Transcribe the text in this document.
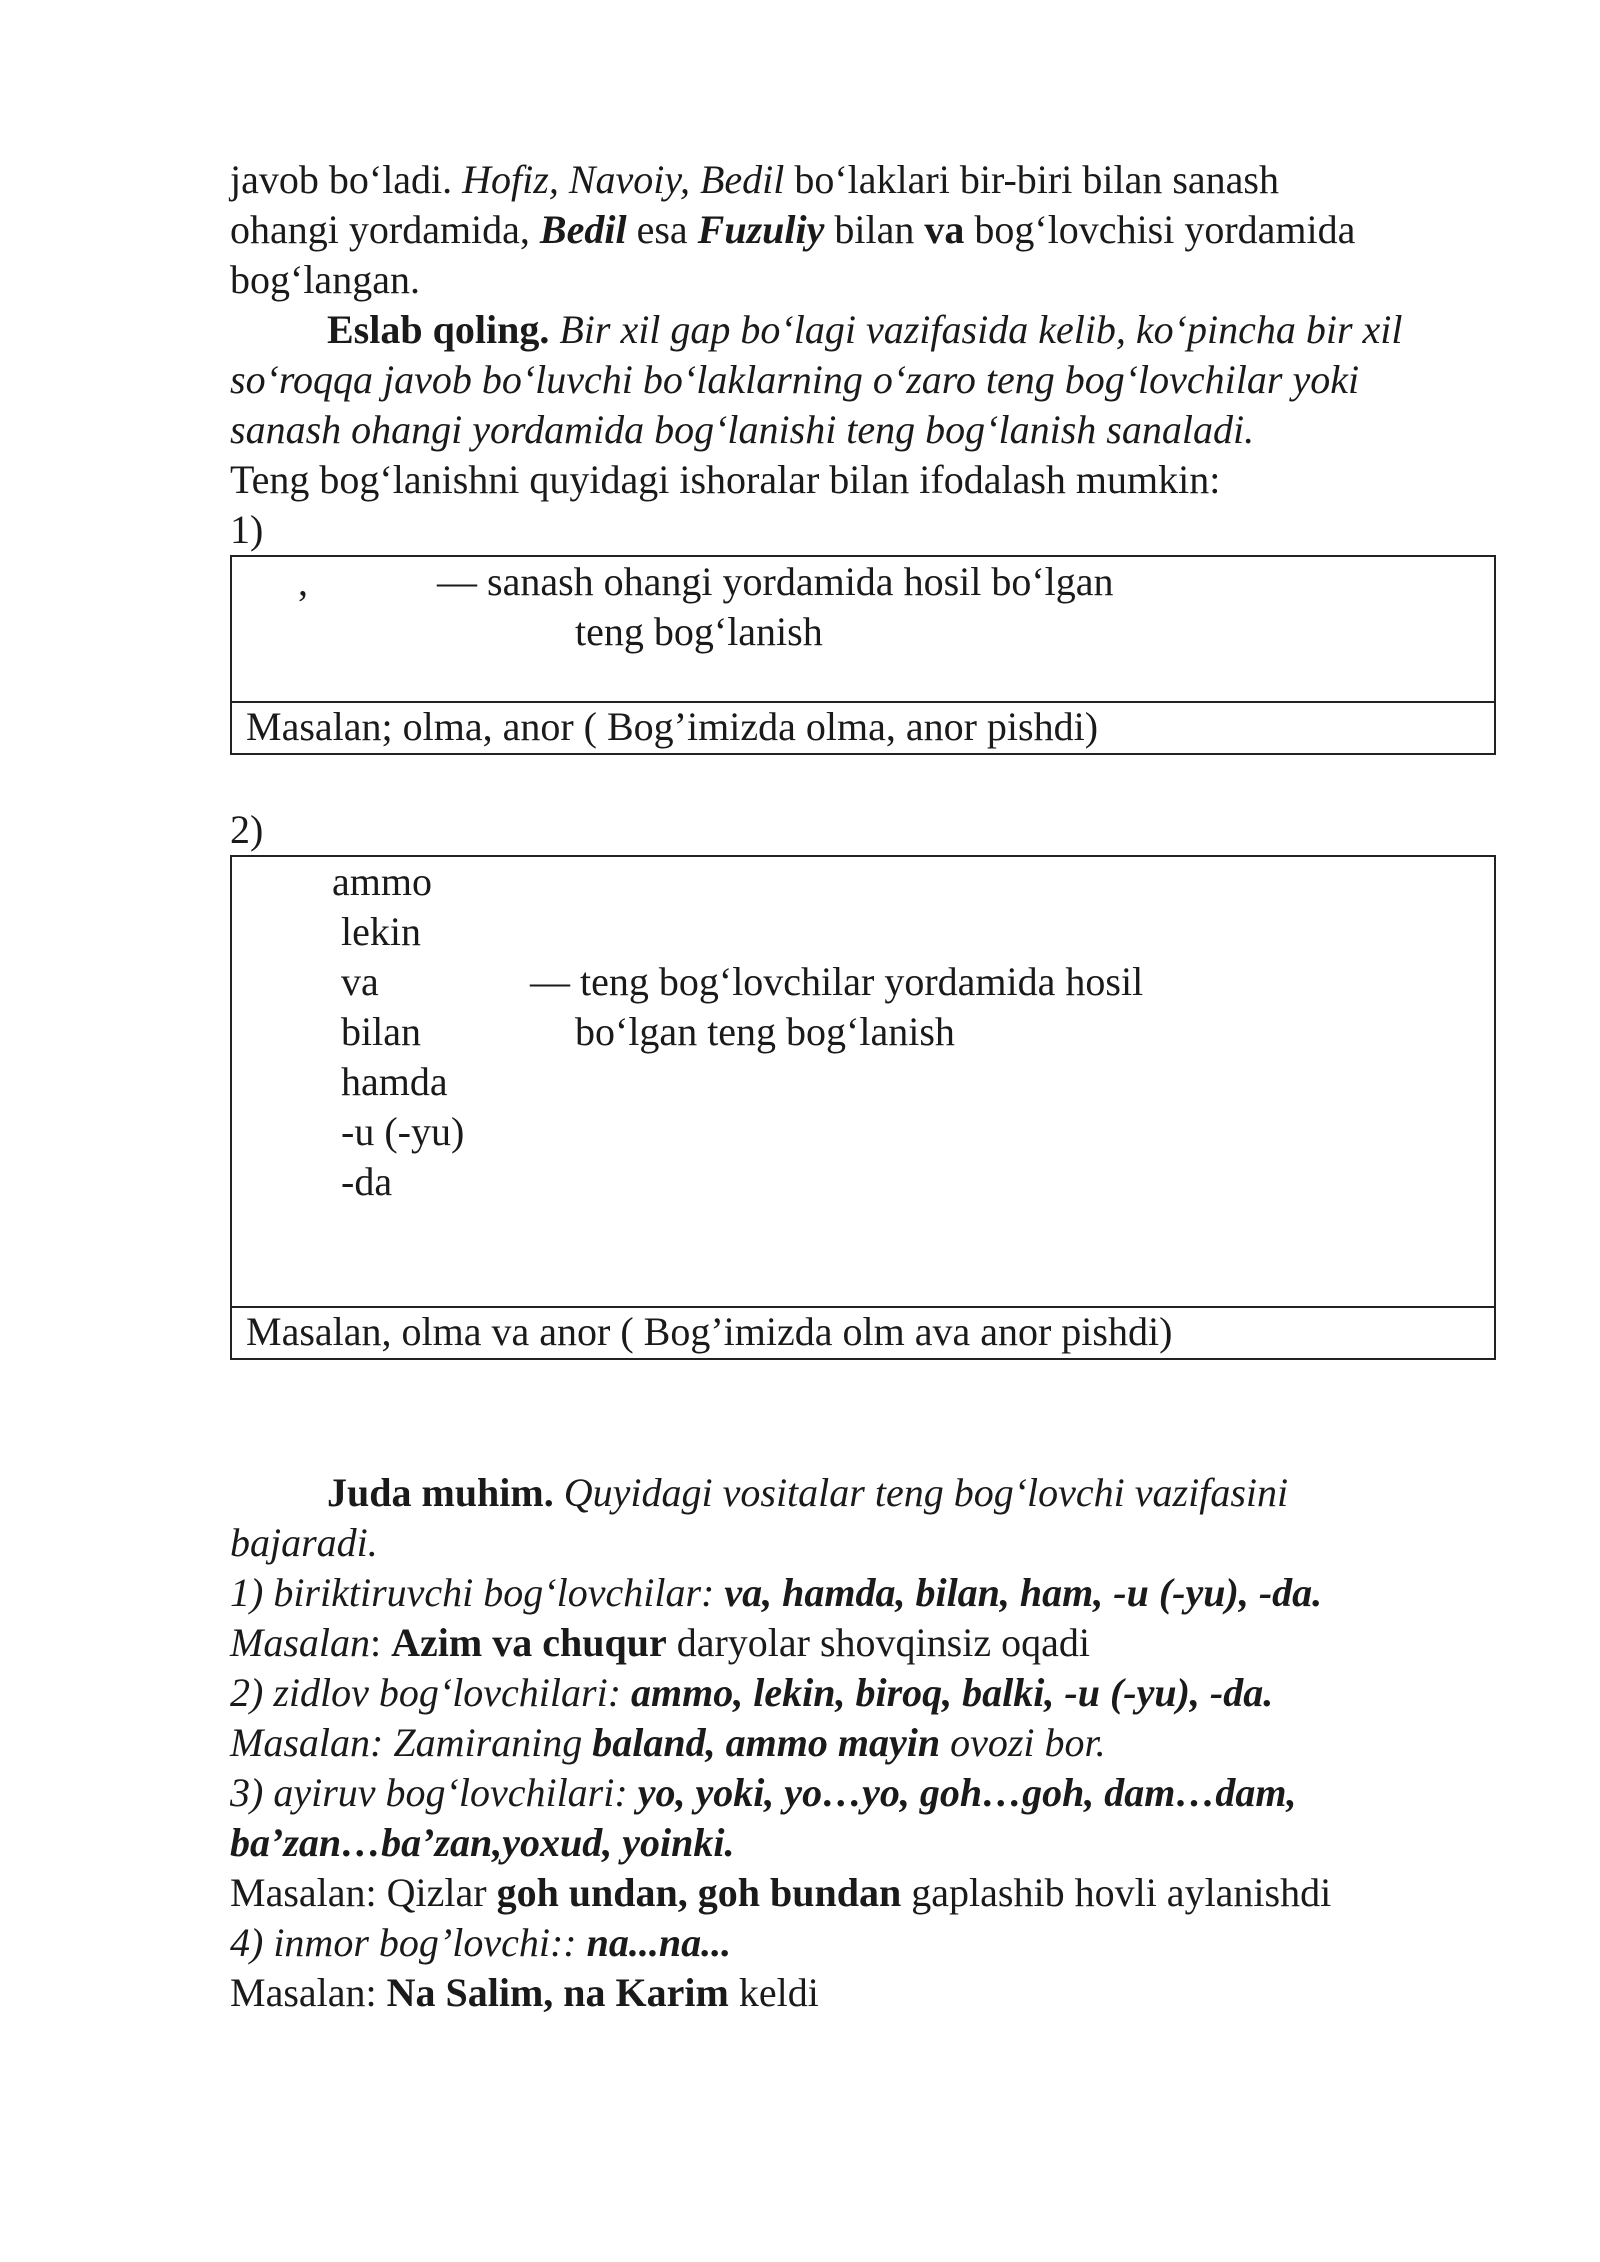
javob bo‘ladi. Hofiz, Navoiy, Bedil bo‘laklari bir-biri bilan sanash

ohangi yordamida, Bedil esa Fuzuliy bilan va bog‘lovchisi yordamida

bog‘langan.

Eslab qoling. Bir xil gap bo‘lagi vazifasida kelib, ko‘pincha bir xil

so‘roqqa javob bo‘luvchi bo‘laklarning o‘zaro teng bog‘lovchilar yoki

sanash ohangi yordamida bog‘lanishi teng bog‘lanish sanaladi.

Teng bog‘lanishni quyidagi ishoralar bilan ifodalash mumkin:

1)

,	— sanash ohangi yordamida hosil bo‘lgan
teng bog‘lanish
Masalan; olma, anor ( Bog’imizda olma, anor pishdi)

2)

ammo
lekin
va
bilan
hamda
-u (-yu)
-da
— teng bog‘lovchilar yordamida hosil
bo‘lgan teng bog‘lanish
Masalan, olma va anor ( Bog’imizda olm ava anor pishdi)

Juda muhim. Quyidagi vositalar teng bog‘lovchi vazifasini

bajaradi.

1) biriktiruvchi bog‘lovchilar: va, hamda, bilan, ham, -u (-yu), -da.

Masalan: Azim va chuqur daryolar shovqinsiz oqadi

2) zidlov bog‘lovchilari: ammo, lekin, biroq, balki, -u (-yu), -da.

Masalan: Zamiraning baland, ammo mayin ovozi bor.

3) ayiruv bog‘lovchilari: yo, yoki, yo…yo, goh…goh, dam…dam,

ba’zan…ba’zan,yoxud, yoinki.

Masalan: Qizlar goh undan, goh bundan gaplashib hovli aylanishdi

4) inmor bog’lovchi:: na...na...

Masalan: Na Salim, na Karim keldi
